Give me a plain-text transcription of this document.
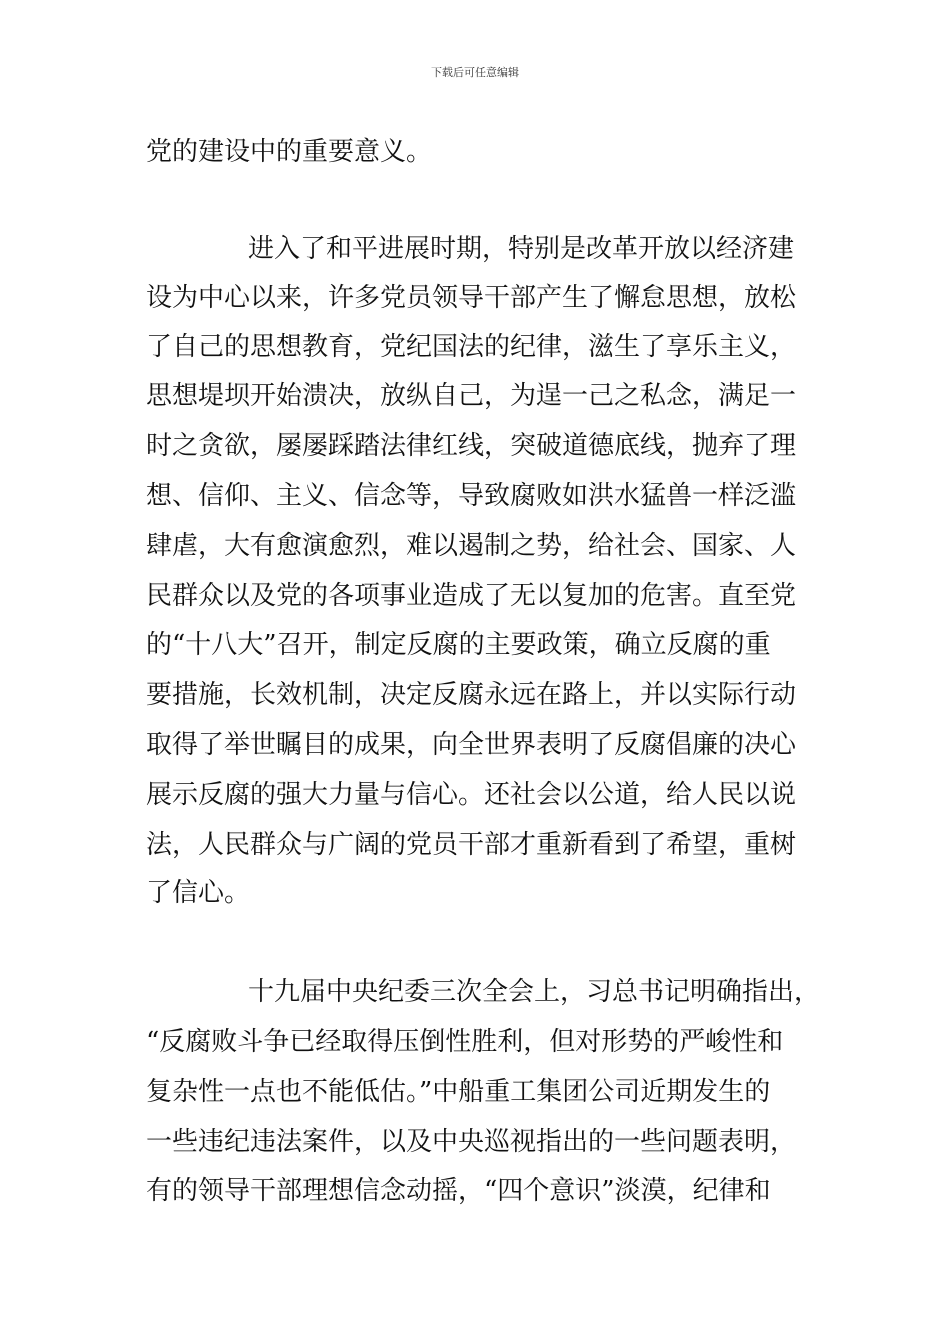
下载后可任意编辑
党的建设中的重要意义。
进入了和平进展时期，特别是改革开放以经济建
设为中心以来，许多党员领导干部产生了懈怠思想，放松
了自己的思想教育，党纪国法的纪律，滋生了享乐主义，
思想堤坝开始溃决，放纵自己，为逞一己之私念，满足一
时之贪欲，屡屡踩踏法律红线，突破道德底线，抛弃了理
想、信仰、主义、信念等，导致腐败如洪水猛兽一样泛滥
肆虐，大有愈演愈烈，难以遏制之势，给社会、国家、人
民群众以及党的各项事业造成了无以复加的危害。直至党
的“十八大”召开，制定反腐的主要政策，确立反腐的重
要措施，长效机制，决定反腐永远在路上，并以实际行动
取得了举世瞩目的成果，向全世界表明了反腐倡廉的决心
展示反腐的强大力量与信心。还社会以公道，给人民以说
法，人民群众与广阔的党员干部才重新看到了希望，重树
了信心。
十九届中央纪委三次全会上，习总书记明确指出，
“反腐败斗争已经取得压倒性胜利，但对形势的严峻性和
复杂性一点也不能低估。”中船重工集团公司近期发生的
一些违纪违法案件，以及中央巡视指出的一些问题表明，
有的领导干部理想信念动摇，“四个意识”淡漠，纪律和
